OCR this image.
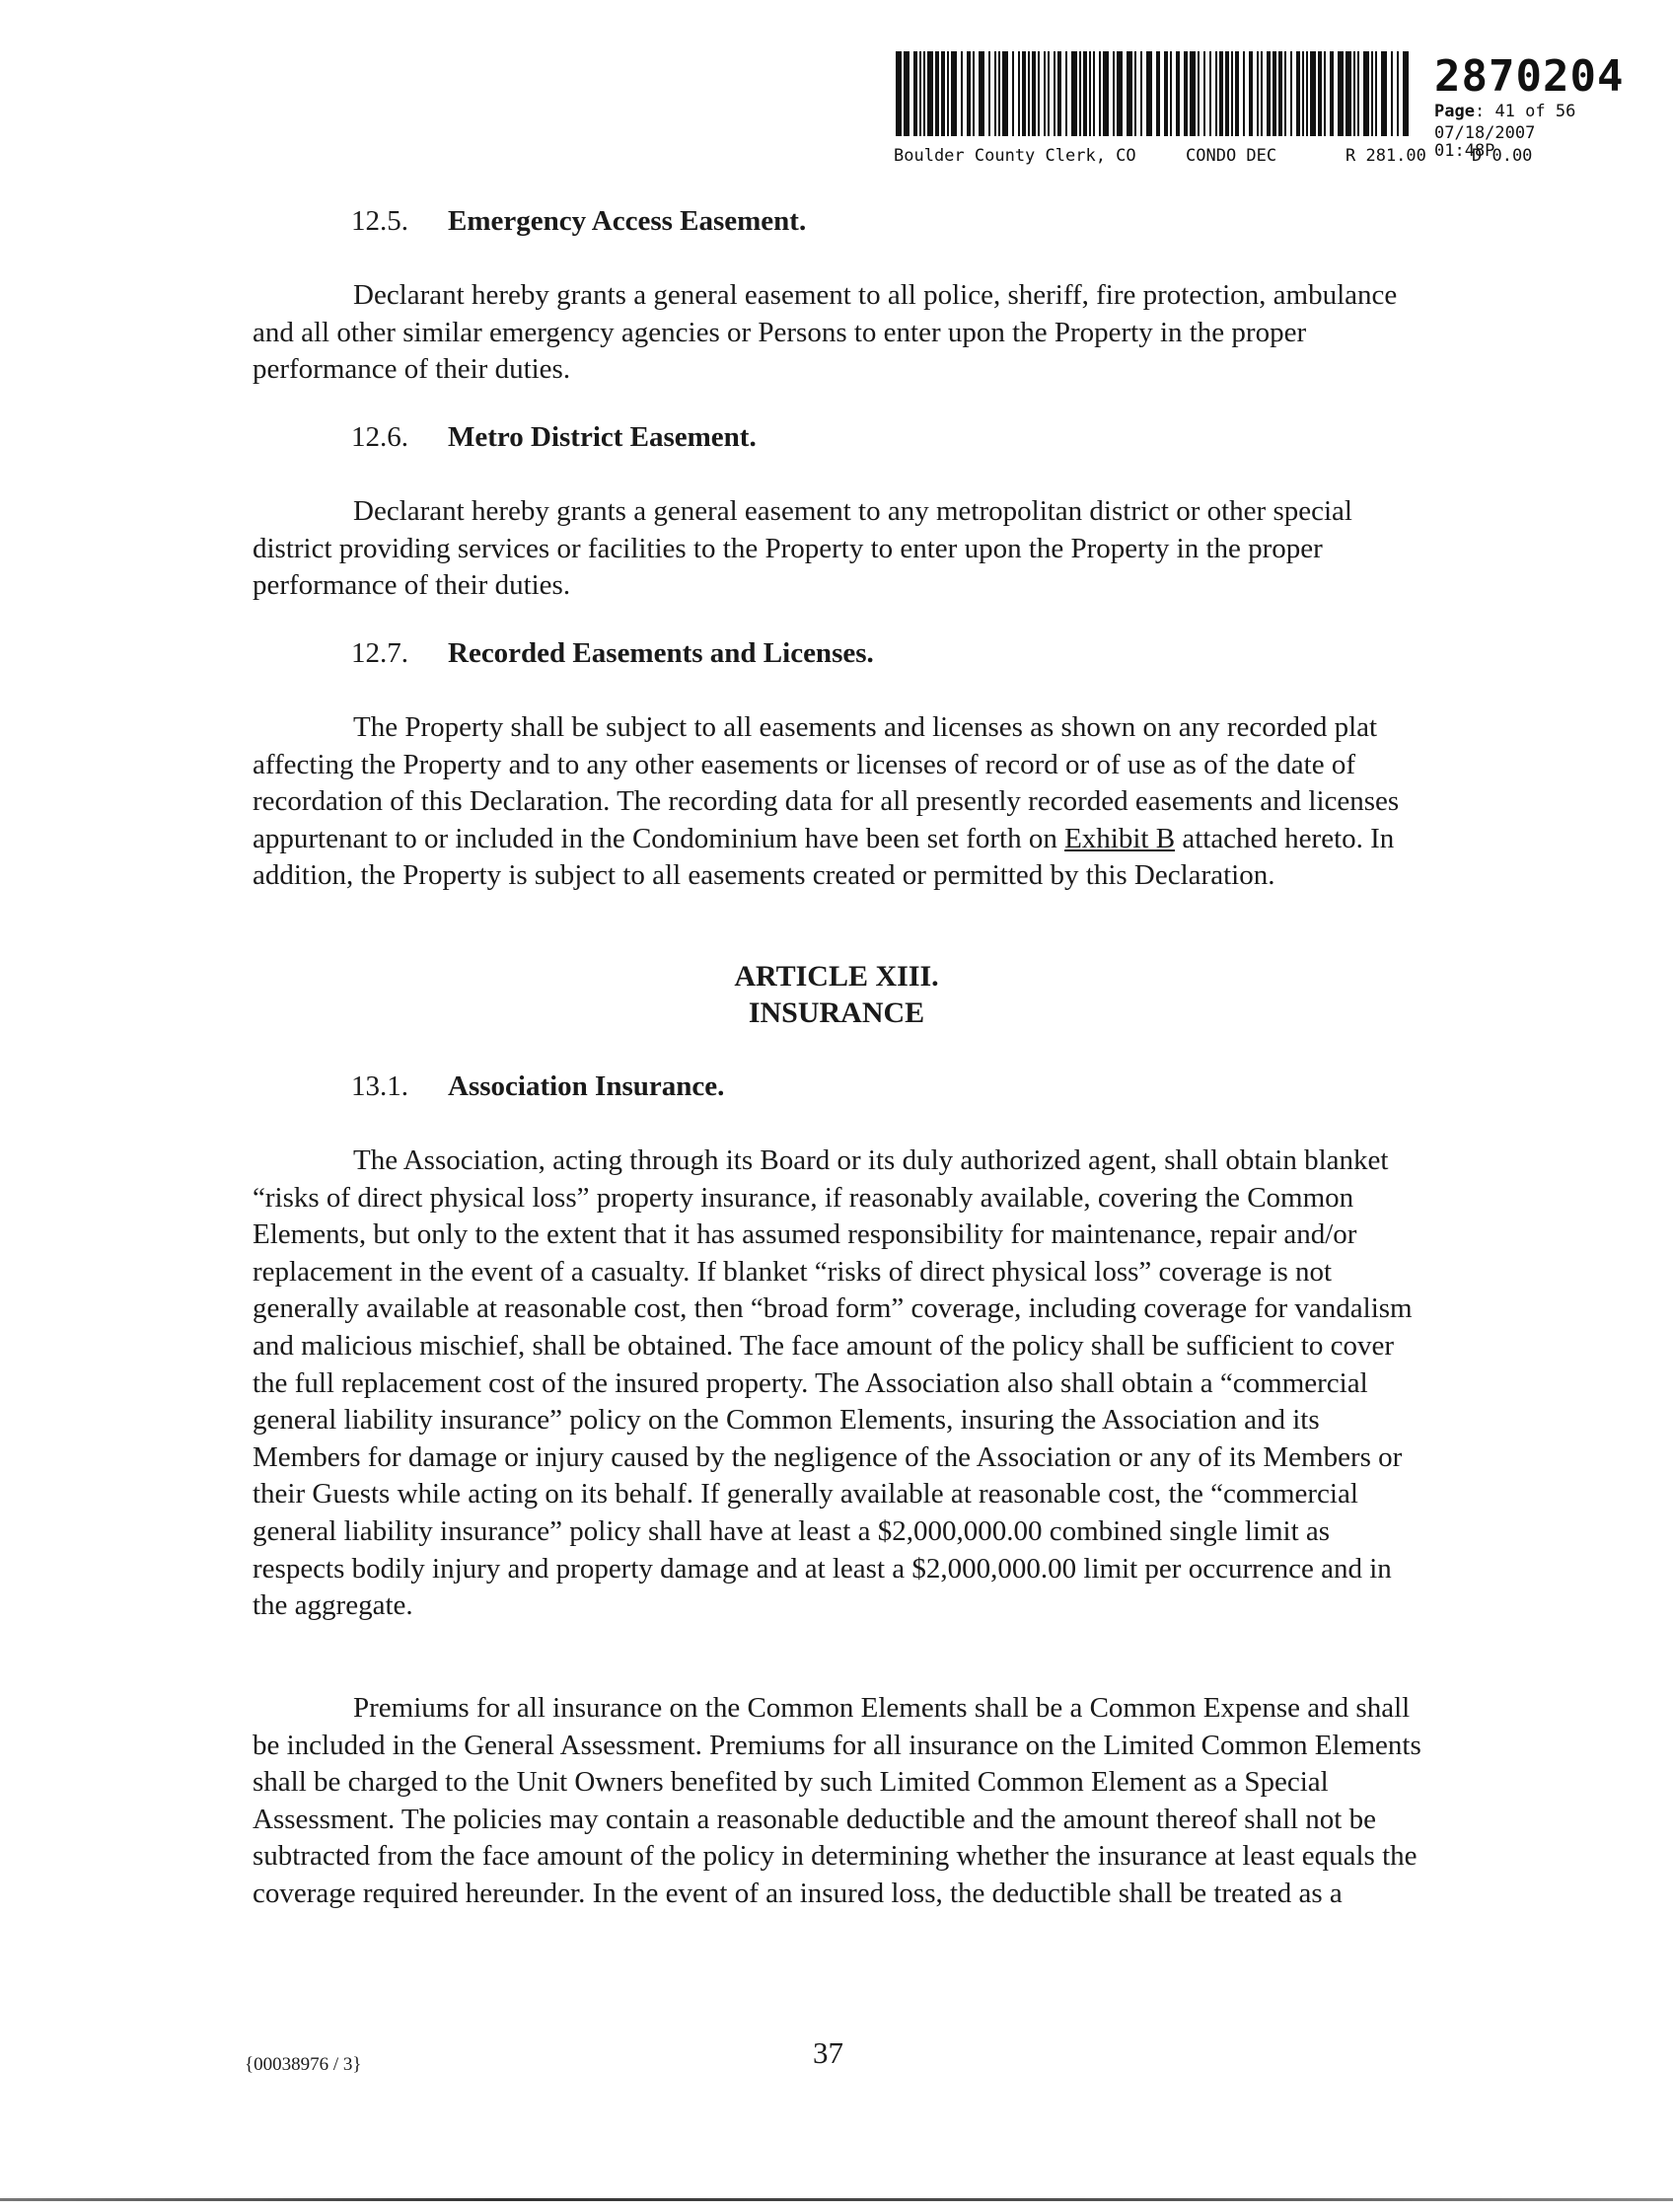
2870204
Page: 41 of 56
07/18/2007 01:48P

Boulder County Clerk, CO

	CONDO DEC

	R 281.00

	D 0.00

12.5. Emergency Access Easement.

Declarant hereby grants a general easement to all police, sheriff, fire protection, ambulance and all other similar emergency agencies or Persons to enter upon the Property in the proper performance of their duties.

12.6. Metro District Easement.

Declarant hereby grants a general easement to any metropolitan district or other special district providing services or facilities to the Property to enter upon the Property in the proper performance of their duties.

12.7. Recorded Easements and Licenses.

The Property shall be subject to all easements and licenses as shown on any recorded plat affecting the Property and to any other easements or licenses of record or of use as of the date of recordation of this Declaration. The recording data for all presently recorded easements and licenses appurtenant to or included in the Condominium have been set forth on Exhibit B attached hereto. In addition, the Property is subject to all easements created or permitted by this Declaration.

ARTICLE XIII.
INSURANCE
13.1. Association Insurance.

The Association, acting through its Board or its duly authorized agent, shall obtain blanket “risks of direct physical loss” property insurance, if reasonably available, covering the Common Elements, but only to the extent that it has assumed responsibility for maintenance, repair and/or replacement in the event of a casualty. If blanket “risks of direct physical loss” coverage is not generally available at reasonable cost, then “broad form” coverage, including coverage for vandalism and malicious mischief, shall be obtained. The face amount of the policy shall be sufficient to cover the full replacement cost of the insured property. The Association also shall obtain a “commercial general liability insurance” policy on the Common Elements, insuring the Association and its Members for damage or injury caused by the negligence of the Association or any of its Members or their Guests while acting on its behalf. If generally available at reasonable cost, the “commercial general liability insurance” policy shall have at least a $2,000,000.00 combined single limit as respects bodily injury and property damage and at least a $2,000,000.00 limit per occurrence and in the aggregate.

Premiums for all insurance on the Common Elements shall be a Common Expense and shall be included in the General Assessment. Premiums for all insurance on the Limited Common Elements shall be charged to the Unit Owners benefited by such Limited Common Element as a Special Assessment. The policies may contain a reasonable deductible and the amount thereof shall not be subtracted from the face amount of the policy in determining whether the insurance at least equals the coverage required hereunder. In the event of an insured loss, the deductible shall be treated as a

{00038976 / 3}	37
